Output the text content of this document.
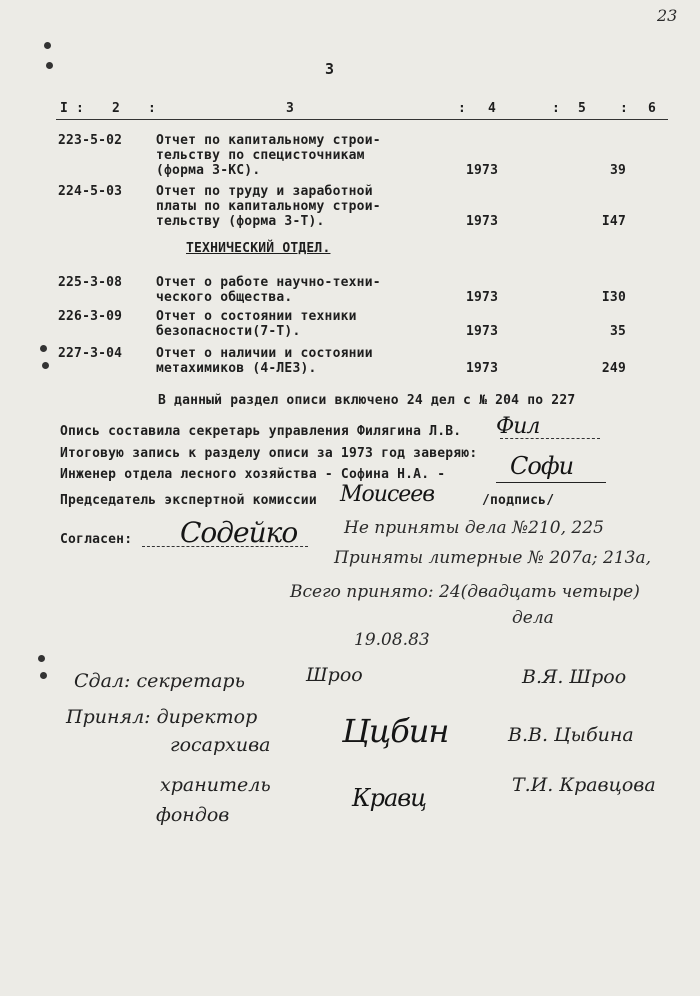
23
3
I : 2 :	3	: 4	: 5	: 6
223-5-02	Отчет по капитальному строи-
тельству по специсточникам
(форма 3-КС).	1973	39
224-5-03	Отчет по труду и заработной
платы по капитальному строи-
тельству (форма 3-Т).	1973	I47
ТЕХНИЧЕСКИЙ ОТДЕЛ.
225-3-08	Отчет о работе научно-техни-
ческого общества.	1973	I30
226-3-09	Отчет о состоянии техники
безопасности(7-Т).	1973	35
227-3-04	Отчет о наличии и состоянии
метахимиков (4-ЛЕЗ).	1973	249
В данный раздел описи включено 24 дел с № 204 по 227
Опись составила секретарь управления Филягина Л.В. Фил
Итоговую запись к разделу описи за 1973 год заверяю:
Инженер отдела лесного хозяйства - Софина Н.А. -	Софи
Председатель экспертной комиссии Моисеев	/подпись/
Согласен: Содейко	Не приняты дела №210, 225
Приняты литерные № 207а; 213а,
Всего принято: 24(двадцать четыре)
дела
19.08.83
Сдал: секретарь	Шроо	В.Я. Шроо
Принял: директор
госархива Ццбин	В.В. Цыбина
хранитель
фондов
Кравц	Т.И. Кравцова
